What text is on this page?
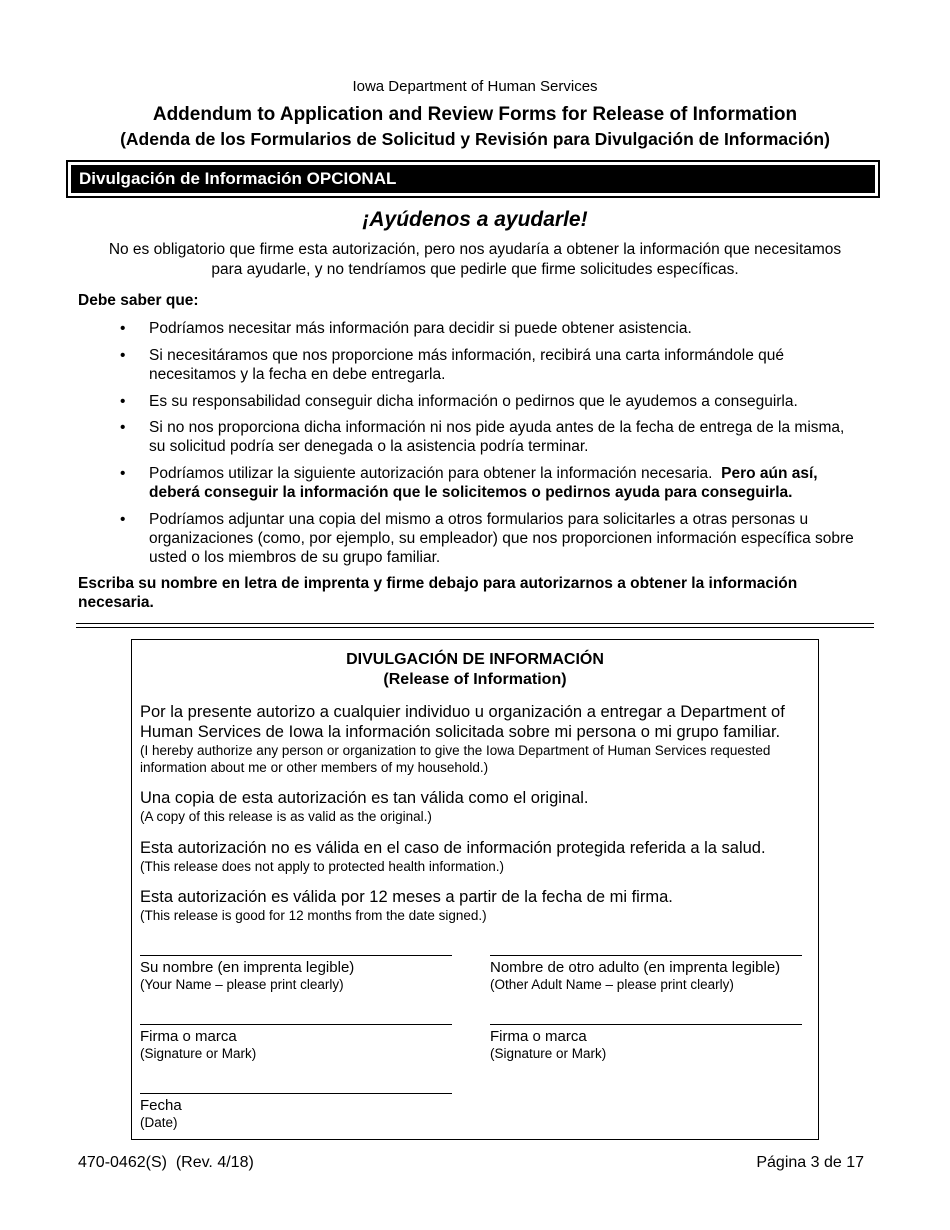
Iowa Department of Human Services
Addendum to Application and Review Forms for Release of Information
(Adenda de los Formularios de Solicitud y Revisión para Divulgación de Información)
Divulgación de Información OPCIONAL
¡Ayúdenos a ayudarle!
No es obligatorio que firme esta autorización, pero nos ayudaría a obtener la información que necesitamos para ayudarle, y no tendríamos que pedirle que firme solicitudes específicas.
Debe saber que:
• Podríamos necesitar más información para decidir si puede obtener asistencia.
• Si necesitáramos que nos proporcione más información, recibirá una carta informándole qué necesitamos y la fecha en debe entregarla.
• Es su responsabilidad conseguir dicha información o pedirnos que le ayudemos a conseguirla.
• Si no nos proporciona dicha información ni nos pide ayuda antes de la fecha de entrega de la misma, su solicitud podría ser denegada o la asistencia podría terminar.
• Podríamos utilizar la siguiente autorización para obtener la información necesaria. Pero aún así, deberá conseguir la información que le solicitemos o pedirnos ayuda para conseguirla.
• Podríamos adjuntar una copia del mismo a otros formularios para solicitarles a otras personas u organizaciones (como, por ejemplo, su empleador) que nos proporcionen información específica sobre usted o los miembros de su grupo familiar.
Escriba su nombre en letra de imprenta y firme debajo para autorizarnos a obtener la información necesaria.
DIVULGACIÓN DE INFORMACIÓN
(Release of Information)
Por la presente autorizo a cualquier individuo u organización a entregar a Department of Human Services de Iowa la información solicitada sobre mi persona o mi grupo familiar.
(I hereby authorize any person or organization to give the Iowa Department of Human Services requested information about me or other members of my household.)
Una copia de esta autorización es tan válida como el original.
(A copy of this release is as valid as the original.)
Esta autorización no es válida en el caso de información protegida referida a la salud.
(This release does not apply to protected health information.)
Esta autorización es válida por 12 meses a partir de la fecha de mi firma.
(This release is good for 12 months from the date signed.)
Su nombre (en imprenta legible)
(Your Name – please print clearly)
Nombre de otro adulto (en imprenta legible)
(Other Adult Name – please print clearly)
Firma o marca
(Signature or Mark)
Firma o marca
(Signature or Mark)
Fecha
(Date)
470-0462(S)  (Rev. 4/18)	Página 3 de 17
